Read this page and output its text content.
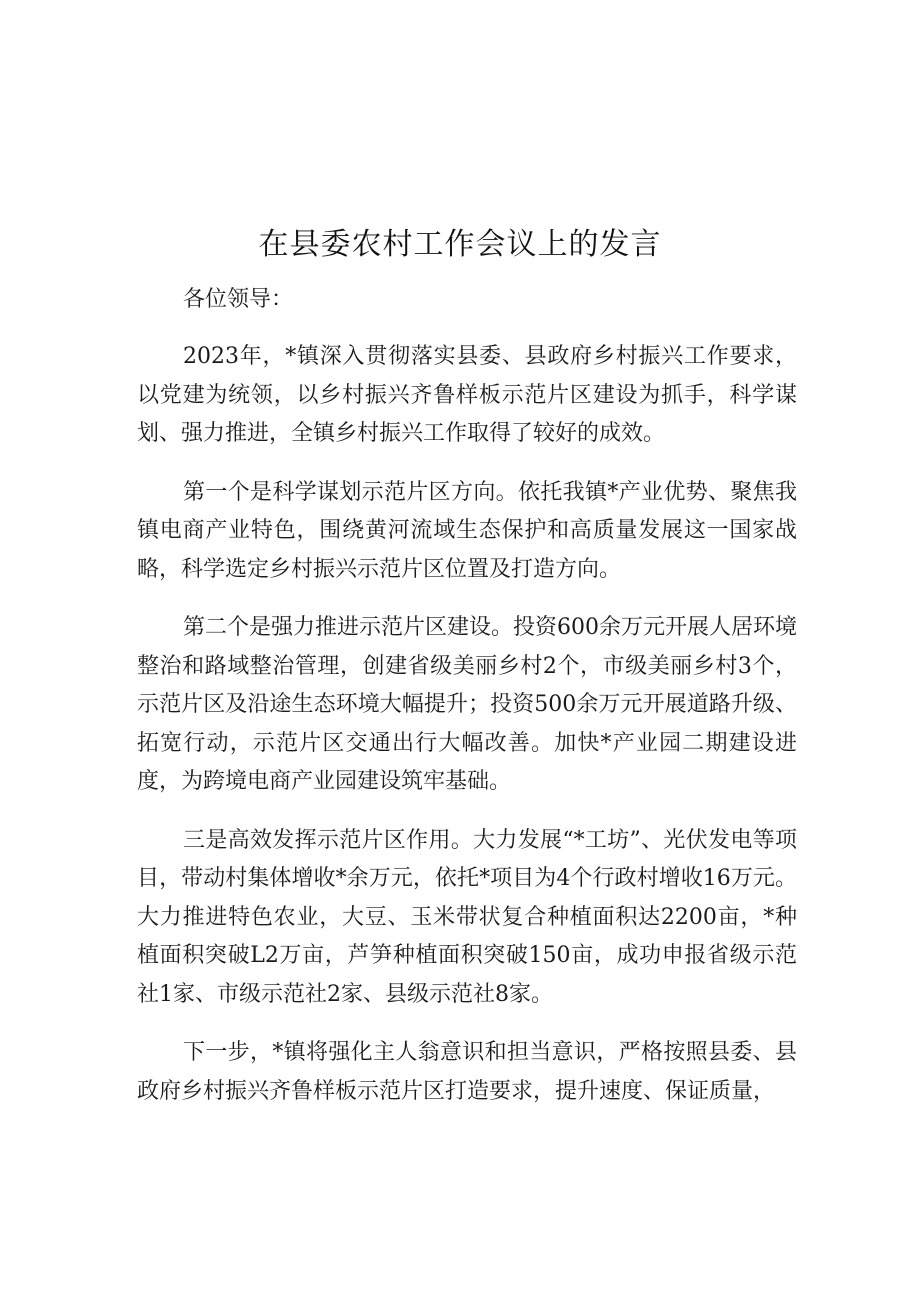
在县委农村工作会议上的发言

各位领导：

2023年，*镇深入贯彻落实县委、县政府乡村振兴工作要求，以党建为统领，以乡村振兴齐鲁样板示范片区建设为抓手，科学谋划、强力推进，全镇乡村振兴工作取得了较好的成效。

第一个是科学谋划示范片区方向。依托我镇*产业优势、聚焦我镇电商产业特色，围绕黄河流域生态保护和高质量发展这一国家战略，科学选定乡村振兴示范片区位置及打造方向。

第二个是强力推进示范片区建设。投资600余万元开展人居环境整治和路域整治管理，创建省级美丽乡村2个，市级美丽乡村3个，示范片区及沿途生态环境大幅提升；投资500余万元开展道路升级、拓宽行动，示范片区交通出行大幅改善。加快*产业园二期建设进度，为跨境电商产业园建设筑牢基础。

三是高效发挥示范片区作用。大力发展“*工坊”、光伏发电等项目，带动村集体增收*余万元，依托*项目为4个行政村增收16万元。大力推进特色农业，大豆、玉米带状复合种植面积达2200亩，*种植面积突破L2万亩，芦笋种植面积突破150亩，成功申报省级示范社1家、市级示范社2家、县级示范社8家。

下一步，*镇将强化主人翁意识和担当意识，严格按照县委、县政府乡村振兴齐鲁样板示范片区打造要求，提升速度、保证质量，
